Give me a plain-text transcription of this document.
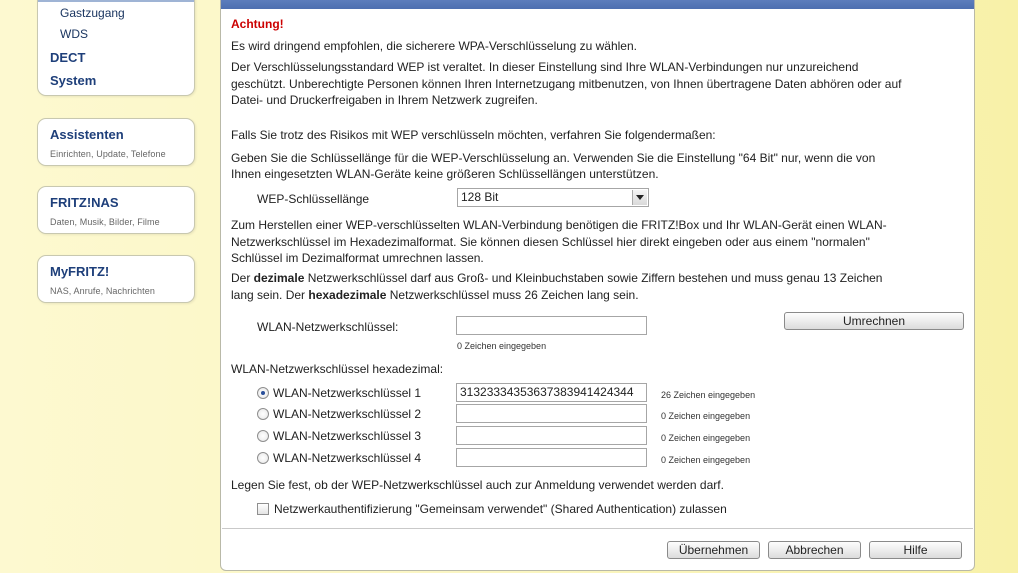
Gastzugang
WDS
DECT
System
Assistenten
Einrichten, Update, Telefone
FRITZ!NAS
Daten, Musik, Bilder, Filme
MyFRITZ!
NAS, Anrufe, Nachrichten
Achtung!
Es wird dringend empfohlen, die sicherere WPA-Verschlüsselung zu wählen.
Der Verschlüsselungsstandard WEP ist veraltet. In dieser Einstellung sind Ihre WLAN-Verbindungen nur unzureichend
geschützt. Unberechtigte Personen können Ihren Internetzugang mitbenutzen, von Ihnen übertragene Daten abhören oder auf
Datei- und Druckerfreigaben in Ihrem Netzwerk zugreifen.
Falls Sie trotz des Risikos mit WEP verschlüsseln möchten, verfahren Sie folgendermaßen:
Geben Sie die Schlüssellänge für die WEP-Verschlüsselung an. Verwenden Sie die Einstellung "64 Bit" nur, wenn die von
Ihnen eingesetzten WLAN-Geräte keine größeren Schlüssellängen unterstützen.
WEP-Schlüssellänge	128 Bit
Zum Herstellen einer WEP-verschlüsselten WLAN-Verbindung benötigen die FRITZ!Box und Ihr WLAN-Gerät einen WLAN-
Netzwerkschlüssel im Hexadezimalformat. Sie können diesen Schlüssel hier direkt eingeben oder aus einem "normalen"
Schlüssel im Dezimalformat umrechnen lassen.
Der dezimale Netzwerkschlüssel darf aus Groß- und Kleinbuchstaben sowie Ziffern bestehen und muss genau 13 Zeichen
lang sein. Der hexadezimale Netzwerkschlüssel muss 26 Zeichen lang sein.
WLAN-Netzwerkschlüssel:
0 Zeichen eingegeben
Umrechnen
WLAN-Netzwerkschlüssel hexadezimal:
WLAN-Netzwerkschlüssel 1	31323334353637383941424344	26 Zeichen eingegeben
WLAN-Netzwerkschlüssel 2	0 Zeichen eingegeben
WLAN-Netzwerkschlüssel 3	0 Zeichen eingegeben
WLAN-Netzwerkschlüssel 4	0 Zeichen eingegeben
Legen Sie fest, ob der WEP-Netzwerkschlüssel auch zur Anmeldung verwendet werden darf.
Netzwerkauthentifizierung "Gemeinsam verwendet" (Shared Authentication) zulassen
Übernehmen	Abbrechen	Hilfe
